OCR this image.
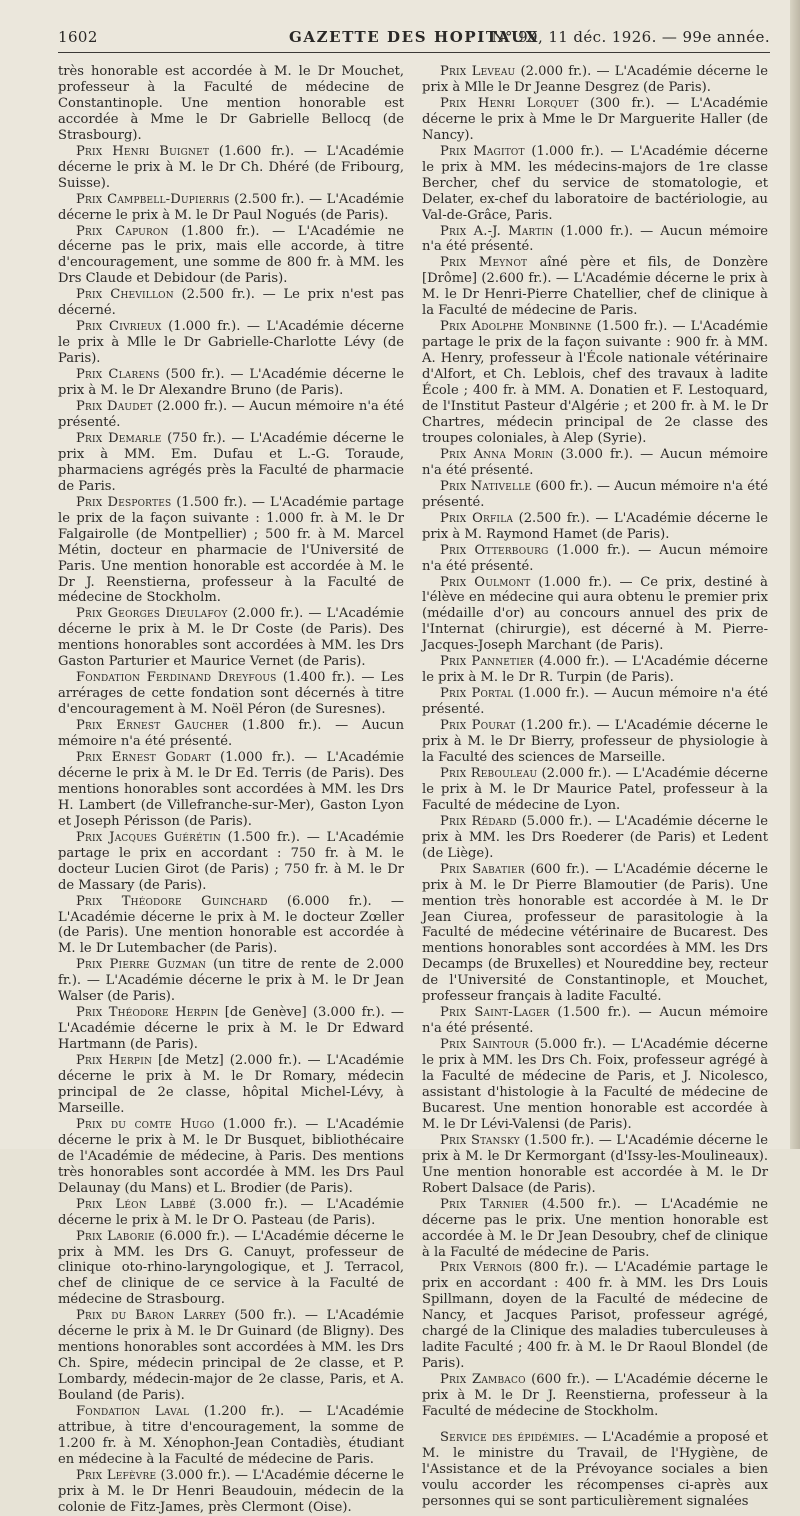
1602	GAZETTE DES HOPITAUX
N° 99, 11 déc. 1926. — 99e année.

très honorable est accordée à M. le Dr Mouchet, professeur à la Faculté de médecine de Constantinople. Une mention honorable est accordée à Mme le Dr Gabrielle Bellocq (de Strasbourg).

Prix Henri Buignet (1.600 fr.). — L'Académie décerne le prix à M. le Dr Ch. Dhéré (de Fribourg, Suisse).

Prix Campbell-Dupierris (2.500 fr.). — L'Académie décerne le prix à M. le Dr Paul Nogués (de Paris).

Prix Capuron (1.800 fr.). — L'Académie ne décerne pas le prix, mais elle accorde, à titre d'encouragement, une somme de 800 fr. à MM. les Drs Claude et Debidour (de Paris).

Prix Chevillon (2.500 fr.). — Le prix n'est pas décerné.

Prix Civrieux (1.000 fr.). — L'Académie décerne le prix à Mlle le Dr Gabrielle-Charlotte Lévy (de Paris).

Prix Clarens (500 fr.). — L'Académie décerne le prix à M. le Dr Alexandre Bruno (de Paris).

Prix Daudet (2.000 fr.). — Aucun mémoire n'a été présenté.

Prix Demarle (750 fr.). — L'Académie décerne le prix à MM. Em. Dufau et L.-G. Toraude, pharmaciens agrégés près la Faculté de pharmacie de Paris.

Prix Desportes (1.500 fr.). — L'Académie partage le prix de la façon suivante : 1.000 fr. à M. le Dr Falgairolle (de Montpellier) ; 500 fr. à M. Marcel Métin, docteur en pharmacie de l'Université de Paris. Une mention honorable est accordée à M. le Dr J. Reenstierna, professeur à la Faculté de médecine de Stockholm.

Prix Georges Dieulafoy (2.000 fr.). — L'Académie décerne le prix à M. le Dr Coste (de Paris). Des mentions honorables sont accordées à MM. les Drs Gaston Parturier et Maurice Vernet (de Paris).

Fondation Ferdinand Dreyfous (1.400 fr.). — Les arrérages de cette fondation sont décernés à titre d'encouragement à M. Noël Péron (de Suresnes).

Prix Ernest Gaucher (1.800 fr.). — Aucun mémoire n'a été présenté.

Prix Ernest Godart (1.000 fr.). — L'Académie décerne le prix à M. le Dr Ed. Terris (de Paris). Des mentions honorables sont accordées à MM. les Drs H. Lambert (de Villefranche-sur-Mer), Gaston Lyon et Joseph Périsson (de Paris).

Prix Jacques Guérétin (1.500 fr.). — L'Académie partage le prix en accordant : 750 fr. à M. le docteur Lucien Girot (de Paris) ; 750 fr. à M. le Dr de Massary (de Paris).

Prix Théodore Guinchard (6.000 fr.). — L'Académie décerne le prix à M. le docteur Zœller (de Paris). Une mention honorable est accordée à M. le Dr Lutembacher (de Paris).

Prix Pierre Guzman (un titre de rente de 2.000 fr.). — L'Académie décerne le prix à M. le Dr Jean Walser (de Paris).

Prix Théodore Herpin [de Genève] (3.000 fr.). — L'Académie décerne le prix à M. le Dr Edward Hartmann (de Paris).

Prix Herpin [de Metz] (2.000 fr.). — L'Académie décerne le prix à M. le Dr Romary, médecin principal de 2e classe, hôpital Michel-Lévy, à Marseille.

Prix du comte Hugo (1.000 fr.). — L'Académie décerne le prix à M. le Dr Busquet, bibliothécaire de l'Académie de médecine, à Paris. Des mentions très honorables sont accordée à MM. les Drs Paul Delaunay (du Mans) et L. Brodier (de Paris).

Prix Léon Labbé (3.000 fr.). — L'Académie décerne le prix à M. le Dr O. Pasteau (de Paris).

Prix Laborie (6.000 fr.). — L'Académie décerne le prix à MM. les Drs G. Canuyt, professeur de clinique oto-rhino-laryngologique, et J. Terracol, chef de clinique de ce service à la Faculté de médecine de Strasbourg.

Prix du Baron Larrey (500 fr.). — L'Académie décerne le prix à M. le Dr Guinard (de Bligny). Des mentions honorables sont accordées à MM. les Drs Ch. Spire, médecin principal de 2e classe, et P. Lombardy, médecin-major de 2e classe, Paris, et A. Bouland (de Paris).

Fondation Laval (1.200 fr.). — L'Académie attribue, à titre d'encouragement, la somme de 1.200 fr. à M. Xénophon-Jean Contadiès, étudiant en médecine à la Faculté de médecine de Paris.

Prix Lefèvre (3.000 fr.). — L'Académie décerne le prix à M. le Dr Henri Beaudouin, médecin de la colonie de Fitz-James, près Clermont (Oise).

Prix Leveau (2.000 fr.). — L'Académie décerne le prix à Mlle le Dr Jeanne Desgrez (de Paris).

Prix Henri Lorquet (300 fr.). — L'Académie décerne le prix à Mme le Dr Marguerite Haller (de Nancy).

Prix Magitot (1.000 fr.). — L'Académie décerne le prix à MM. les médecins-majors de 1re classe Bercher, chef du service de stomatologie, et Delater, ex-chef du laboratoire de bactériologie, au Val-de-Grâce, Paris.

Prix A.-J. Martin (1.000 fr.). — Aucun mémoire n'a été présenté.

Prix Meynot aîné père et fils, de Donzère [Drôme] (2.600 fr.). — L'Académie décerne le prix à M. le Dr Henri-Pierre Chatellier, chef de clinique à la Faculté de médecine de Paris.

Prix Adolphe Monbinne (1.500 fr.). — L'Académie partage le prix de la façon suivante : 900 fr. à MM. A. Henry, professeur à l'École nationale vétérinaire d'Alfort, et Ch. Leblois, chef des travaux à ladite École ; 400 fr. à MM. A. Donatien et F. Lestoquard, de l'Institut Pasteur d'Algérie ; et 200 fr. à M. le Dr Chartres, médecin principal de 2e classe des troupes coloniales, à Alep (Syrie).

Prix Anna Morin (3.000 fr.). — Aucun mémoire n'a été présenté.

Prix Nativelle (600 fr.). — Aucun mémoire n'a été présenté.

Prix Orfila (2.500 fr.). — L'Académie décerne le prix à M. Raymond Hamet (de Paris).

Prix Otterbourg (1.000 fr.). — Aucun mémoire n'a été présenté.

Prix Oulmont (1.000 fr.). — Ce prix, destiné à l'élève en médecine qui aura obtenu le premier prix (médaille d'or) au concours annuel des prix de l'Internat (chirurgie), est décerné à M. Pierre-Jacques-Joseph Marchant (de Paris).

Prix Pannetier (4.000 fr.). — L'Académie décerne le prix à M. le Dr R. Turpin (de Paris).

Prix Portal (1.000 fr.). — Aucun mémoire n'a été présenté.

Prix Pourat (1.200 fr.). — L'Académie décerne le prix à M. le Dr Bierry, professeur de physiologie à la Faculté des sciences de Marseille.

Prix Rebouleau (2.000 fr.). — L'Académie décerne le prix à M. le Dr Maurice Patel, professeur à la Faculté de médecine de Lyon.

Prix Rédard (5.000 fr.). — L'Académie décerne le prix à MM. les Drs Roederer (de Paris) et Ledent (de Liège).

Prix Sabatier (600 fr.). — L'Académie décerne le prix à M. le Dr Pierre Blamoutier (de Paris). Une mention très honorable est accordée à M. le Dr Jean Ciurea, professeur de parasitologie à la Faculté de médecine vétérinaire de Bucarest. Des mentions honorables sont accordées à MM. les Drs Decamps (de Bruxelles) et Noureddine bey, recteur de l'Université de Constantinople, et Mouchet, professeur français à ladite Faculté.

Prix Saint-Lager (1.500 fr.). — Aucun mémoire n'a été présenté.

Prix Saintour (5.000 fr.). — L'Académie décerne le prix à MM. les Drs Ch. Foix, professeur agrégé à la Faculté de médecine de Paris, et J. Nicolesco, assistant d'histologie à la Faculté de médecine de Bucarest. Une mention honorable est accordée à M. le Dr Lévi-Valensi (de Paris).

Prix Stansky (1.500 fr.). — L'Académie décerne le prix à M. le Dr Kermorgant (d'Issy-les-Moulineaux). Une mention honorable est accordée à M. le Dr Robert Dalsace (de Paris).

Prix Tarnier (4.500 fr.). — L'Académie ne décerne pas le prix. Une mention honorable est accordée à M. le Dr Jean Desoubry, chef de clinique à la Faculté de médecine de Paris.

Prix Vernois (800 fr.). — L'Académie partage le prix en accordant : 400 fr. à MM. les Drs Louis Spillmann, doyen de la Faculté de médecine de Nancy, et Jacques Parisot, professeur agrégé, chargé de la Clinique des maladies tuberculeuses à ladite Faculté ; 400 fr. à M. le Dr Raoul Blondel (de Paris).

Prix Zambaco (600 fr.). — L'Académie décerne le prix à M. le Dr J. Reenstierna, professeur à la Faculté de médecine de Stockholm.

Service des épidémies. — L'Académie a proposé et M. le ministre du Travail, de l'Hygiène, de l'Assistance et de la Prévoyance sociales a bien voulu accorder les récompenses ci-après aux personnes qui se sont particulièrement signalées
